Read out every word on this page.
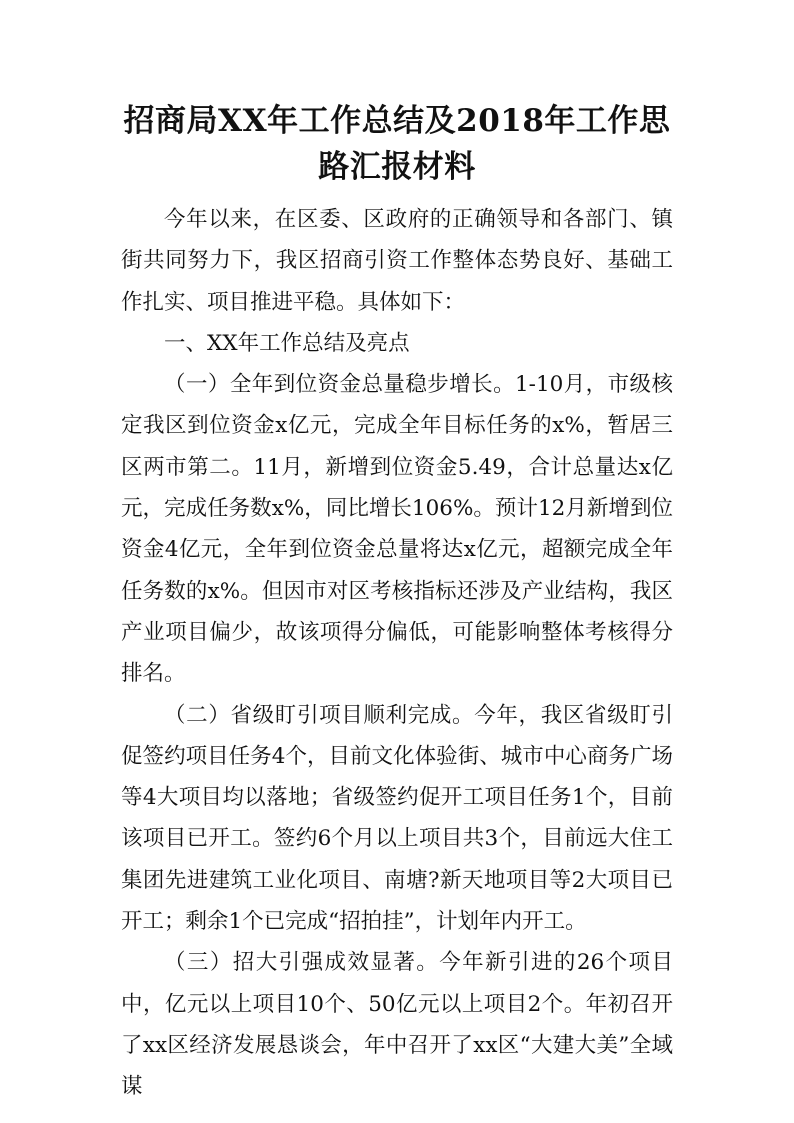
招商局XX年工作总结及2018年工作思路汇报材料

今年以来，在区委、区政府的正确领导和各部门、镇街共同努力下，我区招商引资工作整体态势良好、基础工作扎实、项目推进平稳。具体如下：

一、XX年工作总结及亮点

（一）全年到位资金总量稳步增长。1-10月，市级核定我区到位资金x亿元，完成全年目标任务的x%，暂居三区两市第二。11月，新增到位资金5.49，合计总量达x亿元，完成任务数x%，同比增长106%。预计12月新增到位资金4亿元，全年到位资金总量将达x亿元，超额完成全年任务数的x%。但因市对区考核指标还涉及产业结构，我区产业项目偏少，故该项得分偏低，可能影响整体考核得分排名。

（二）省级盯引项目顺利完成。今年，我区省级盯引促签约项目任务4个，目前文化体验街、城市中心商务广场等4大项目均以落地；省级签约促开工项目任务1个，目前该项目已开工。签约6个月以上项目共3个，目前远大住工集团先进建筑工业化项目、南塘?新天地项目等2大项目已开工；剩余1个已完成“招拍挂”，计划年内开工。

（三）招大引强成效显著。今年新引进的26个项目中，亿元以上项目10个、50亿元以上项目2个。年初召开了xx区经济发展恳谈会，年中召开了xx区“大建大美”全域谋
